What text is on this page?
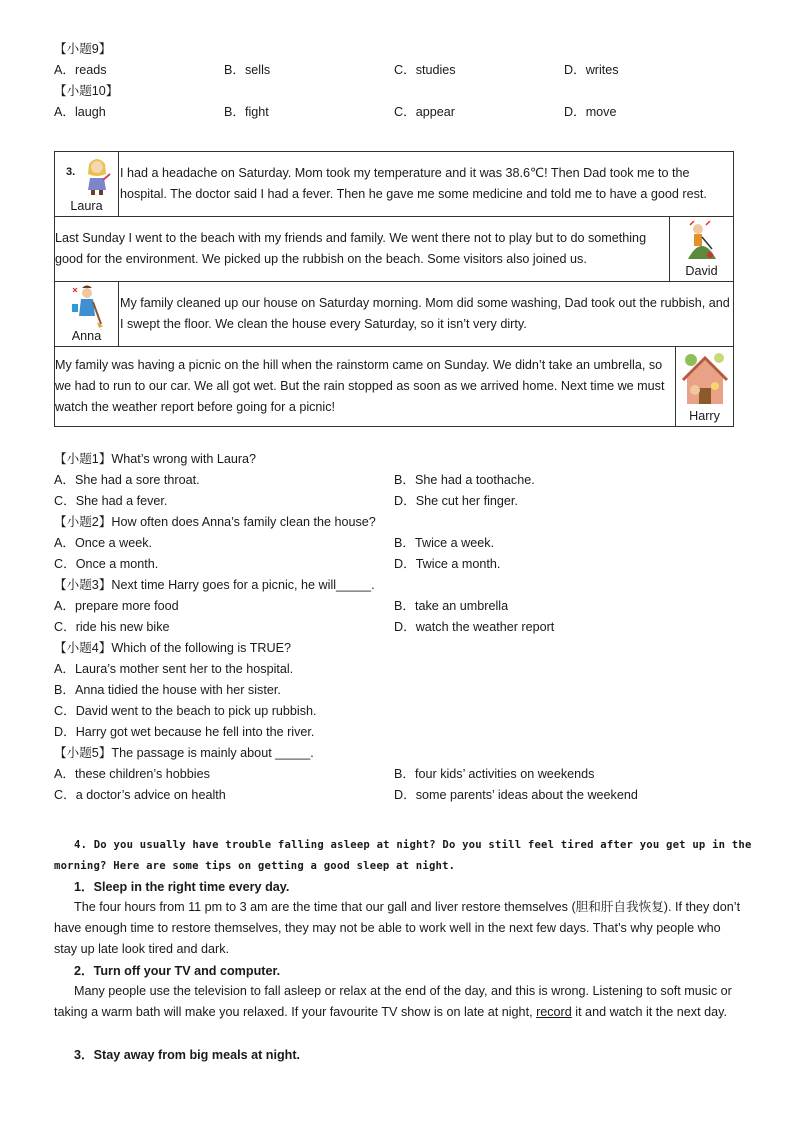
【小题9】
A．reads	B．sells	C．studies	D．writes
【小题10】
A．laugh	B．fight	C．appear	D．move
3.
Laura
I had a headache on Saturday. Mom took my temperature and it was 38.6℃! Then Dad took me to the hospital. The doctor said I had a fever. Then he gave me some medicine and told me to have a good rest.
Last Sunday I went to the beach with my friends and family. We went there not to play but to do something good for the environment. We picked up the rubbish on the beach. Some visitors also joined us.
David
Anna
My family cleaned up our house on Saturday morning. Mom did some washing, Dad took out the rubbish, and I swept the floor. We clean the house every Saturday, so it isn’t very dirty.
My family was having a picnic on the hill when the rainstorm came on Sunday. We didn’t take an umbrella, so we had to run to our car. We all got wet. But the rain stopped as soon as we arrived home. Next time we must watch the weather report before going for a picnic!
Harry
【小题1】What’s wrong with Laura?
A．She had a sore throat.	B．She had a toothache.
C．She had a fever.	D．She cut her finger.
【小题2】How often does Anna’s family clean the house?
A．Once a week.	B．Twice a week.
C．Once a month.	D．Twice a month.
【小题3】Next time Harry goes for a picnic, he will_____.
A．prepare more food	B．take an umbrella
C．ride his new bike	D．watch the weather report
【小题4】Which of the following is TRUE?
A．Laura’s mother sent her to the hospital.
B．Anna tidied the house with her sister.
C．David went to the beach to pick up rubbish.
D．Harry got wet because he fell into the river.
【小题5】The passage is mainly about _____.
A．these children’s hobbies	B．four kids’ activities on weekends
C．a doctor’s advice on health	D．some parents’ ideas about the weekend
4. Do you usually have trouble falling asleep at night? Do you still feel tired after you get up in the
morning? Here are some tips on getting a good sleep at night.
1．Sleep in the right time every day.
The four hours from 11 pm to 3 am are the time that our gall and liver restore themselves (胆和肝自我恢复). If they don’t have enough time to restore themselves, they may not be able to work well in the next few days. That’s why people who stay up late look tired and dark.
2．Turn off your TV and computer.
Many people use the television to fall asleep or relax at the end of the day, and this is wrong. Listening to soft music or taking a warm bath will make you relaxed. If your favourite TV show is on late at night, record it and watch it the next day.
3．Stay away from big meals at night.
